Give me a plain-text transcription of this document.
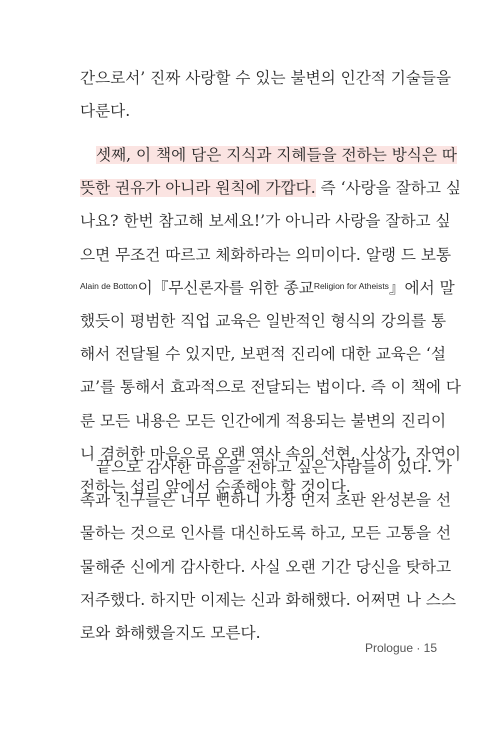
간으로서’ 진짜 사랑할 수 있는 불변의 인간적 기술들을
다룬다.
셋째, 이 책에 담은 지식과 지혜들을 전하는 방식은 따
뜻한 권유가 아니라 원칙에 가깝다. 즉 ‘사랑을 잘하고 싶
나요? 한번 참고해 보세요!’가 아니라 사랑을 잘하고 싶
으면 무조건 따르고 체화하라는 의미이다. 알랭 드 보통
$^{Alain de Botton}$이『무신론자를 위한 종교$^{Religion for Atheists}$』에서 말
했듯이 평범한 직업 교육은 일반적인 형식의 강의를 통
해서 전달될 수 있지만, 보편적 진리에 대한 교육은 ‘설
교’를 통해서 효과적으로 전달되는 법이다. 즉 이 책에 다
룬 모든 내용은 모든 인간에게 적용되는 불변의 진리이
니 겸허한 마음으로 오랜 역사 속의 선현, 사상가, 자연이
전하는 섭리 앞에서 순종해야 할 것이다.
끝으로 감사한 마음을 전하고 싶은 사람들이 있다. 가
족과 친구들은 너무 뻔하니 가장 먼저 초판 완성본을 선
물하는 것으로 인사를 대신하도록 하고, 모든 고통을 선
물해준 신에게 감사한다. 사실 오랜 기간 당신을 탓하고
저주했다. 하지만 이제는 신과 화해했다. 어쩌면 나 스스
로와 화해했을지도 모른다.
Prologue · 15
